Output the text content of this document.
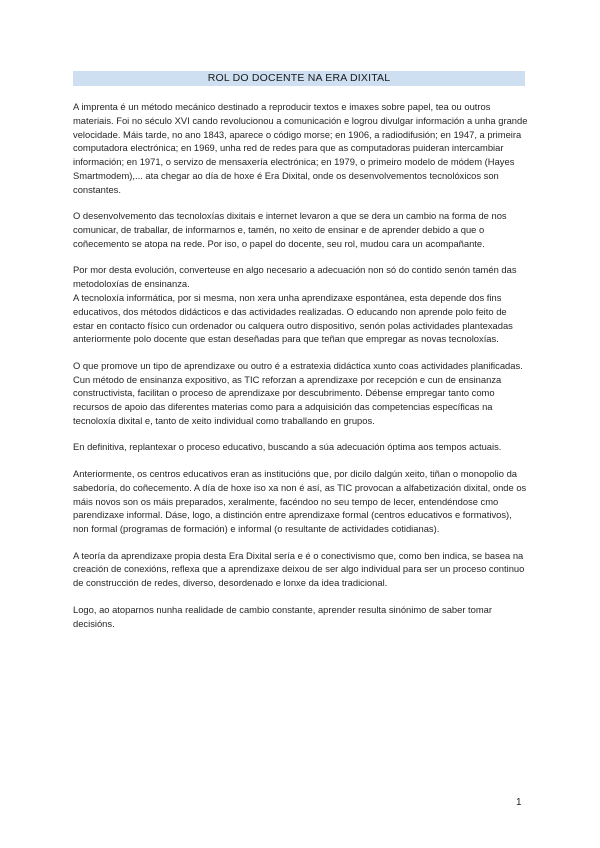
ROL DO DOCENTE NA ERA DIXITAL

A imprenta é un método mecánico destinado a reproducir textos e imaxes sobre papel, tea ou outros materiais. Foi no século XVI cando revolucionou a comunicación e logrou divulgar información a unha grande velocidade. Máis tarde, no ano 1843, aparece o código morse; en 1906, a radiodifusión; en 1947, a primeira computadora electrónica; en 1969, unha red de redes para que as computadoras puideran intercambiar información; en 1971, o servizo de mensaxería electrónica; en 1979, o primeiro modelo de módem (Hayes Smartmodem),... ata chegar ao día de hoxe é Era Dixital, onde os desenvolvementos tecnolóxicos son constantes.

O desenvolvemento das tecnoloxías dixitais e internet levaron a que se dera un cambio na forma de nos comunicar, de traballar, de informarnos e, tamén, no xeito de ensinar e de aprender debido a que o coñecemento se atopa na rede. Por iso, o papel do docente, seu rol, mudou cara un acompañante.

Por mor desta evolución, converteuse en algo necesario a adecuación non só do contido senón tamén das metodoloxías de ensinanza.

A tecnoloxía informática, por si mesma, non xera unha aprendizaxe espontánea, esta depende dos fins educativos, dos métodos didácticos e das actividades realizadas. O educando non aprende polo feito de estar en contacto físico cun ordenador ou calquera outro dispositivo, senón polas actividades plantexadas anteriormente polo docente que estan deseñadas para que teñan que empregar as novas tecnoloxías.

O que promove un tipo de aprendizaxe ou outro é a estratexia didáctica xunto coas actividades planificadas. Cun método de ensinanza expositivo, as TIC reforzan a aprendizaxe por recepción e cun de ensinanza constructivista, facilitan o proceso de aprendizaxe por descubrimento. Débense empregar tanto como recursos de apoio das diferentes materias como para a adquisición das competencias específicas na tecnoloxía dixital e, tanto de xeito individual como traballando en grupos.

En definitiva, replantexar o proceso educativo, buscando a súa adecuación óptima aos tempos actuais.

Anteriormente, os centros educativos eran as institucións que, por dicilo dalgún xeito, tiñan o monopolio da sabedoría, do coñecemento. A día de hoxe iso xa non é así, as TIC provocan a alfabetización dixital, onde os máis novos son os máis preparados, xeralmente, facéndoo no seu tempo de lecer, entendéndose cmo parendizaxe informal. Dáse, logo, a distinción entre aprendizaxe formal (centros educativos e formativos), non formal (programas de formación) e informal (o resultante de actividades cotidianas).

A teoría da aprendizaxe propia desta Era Dixital sería e é o conectivismo que, como ben indica, se basea na creación de conexións, reflexa que a aprendizaxe deixou de ser algo individual para ser un proceso continuo de construcción de redes, diverso, desordenado e lonxe da idea tradicional.

Logo, ao atoparnos nunha realidade de cambio constante, aprender resulta sinónimo de saber tomar decisións.

1
